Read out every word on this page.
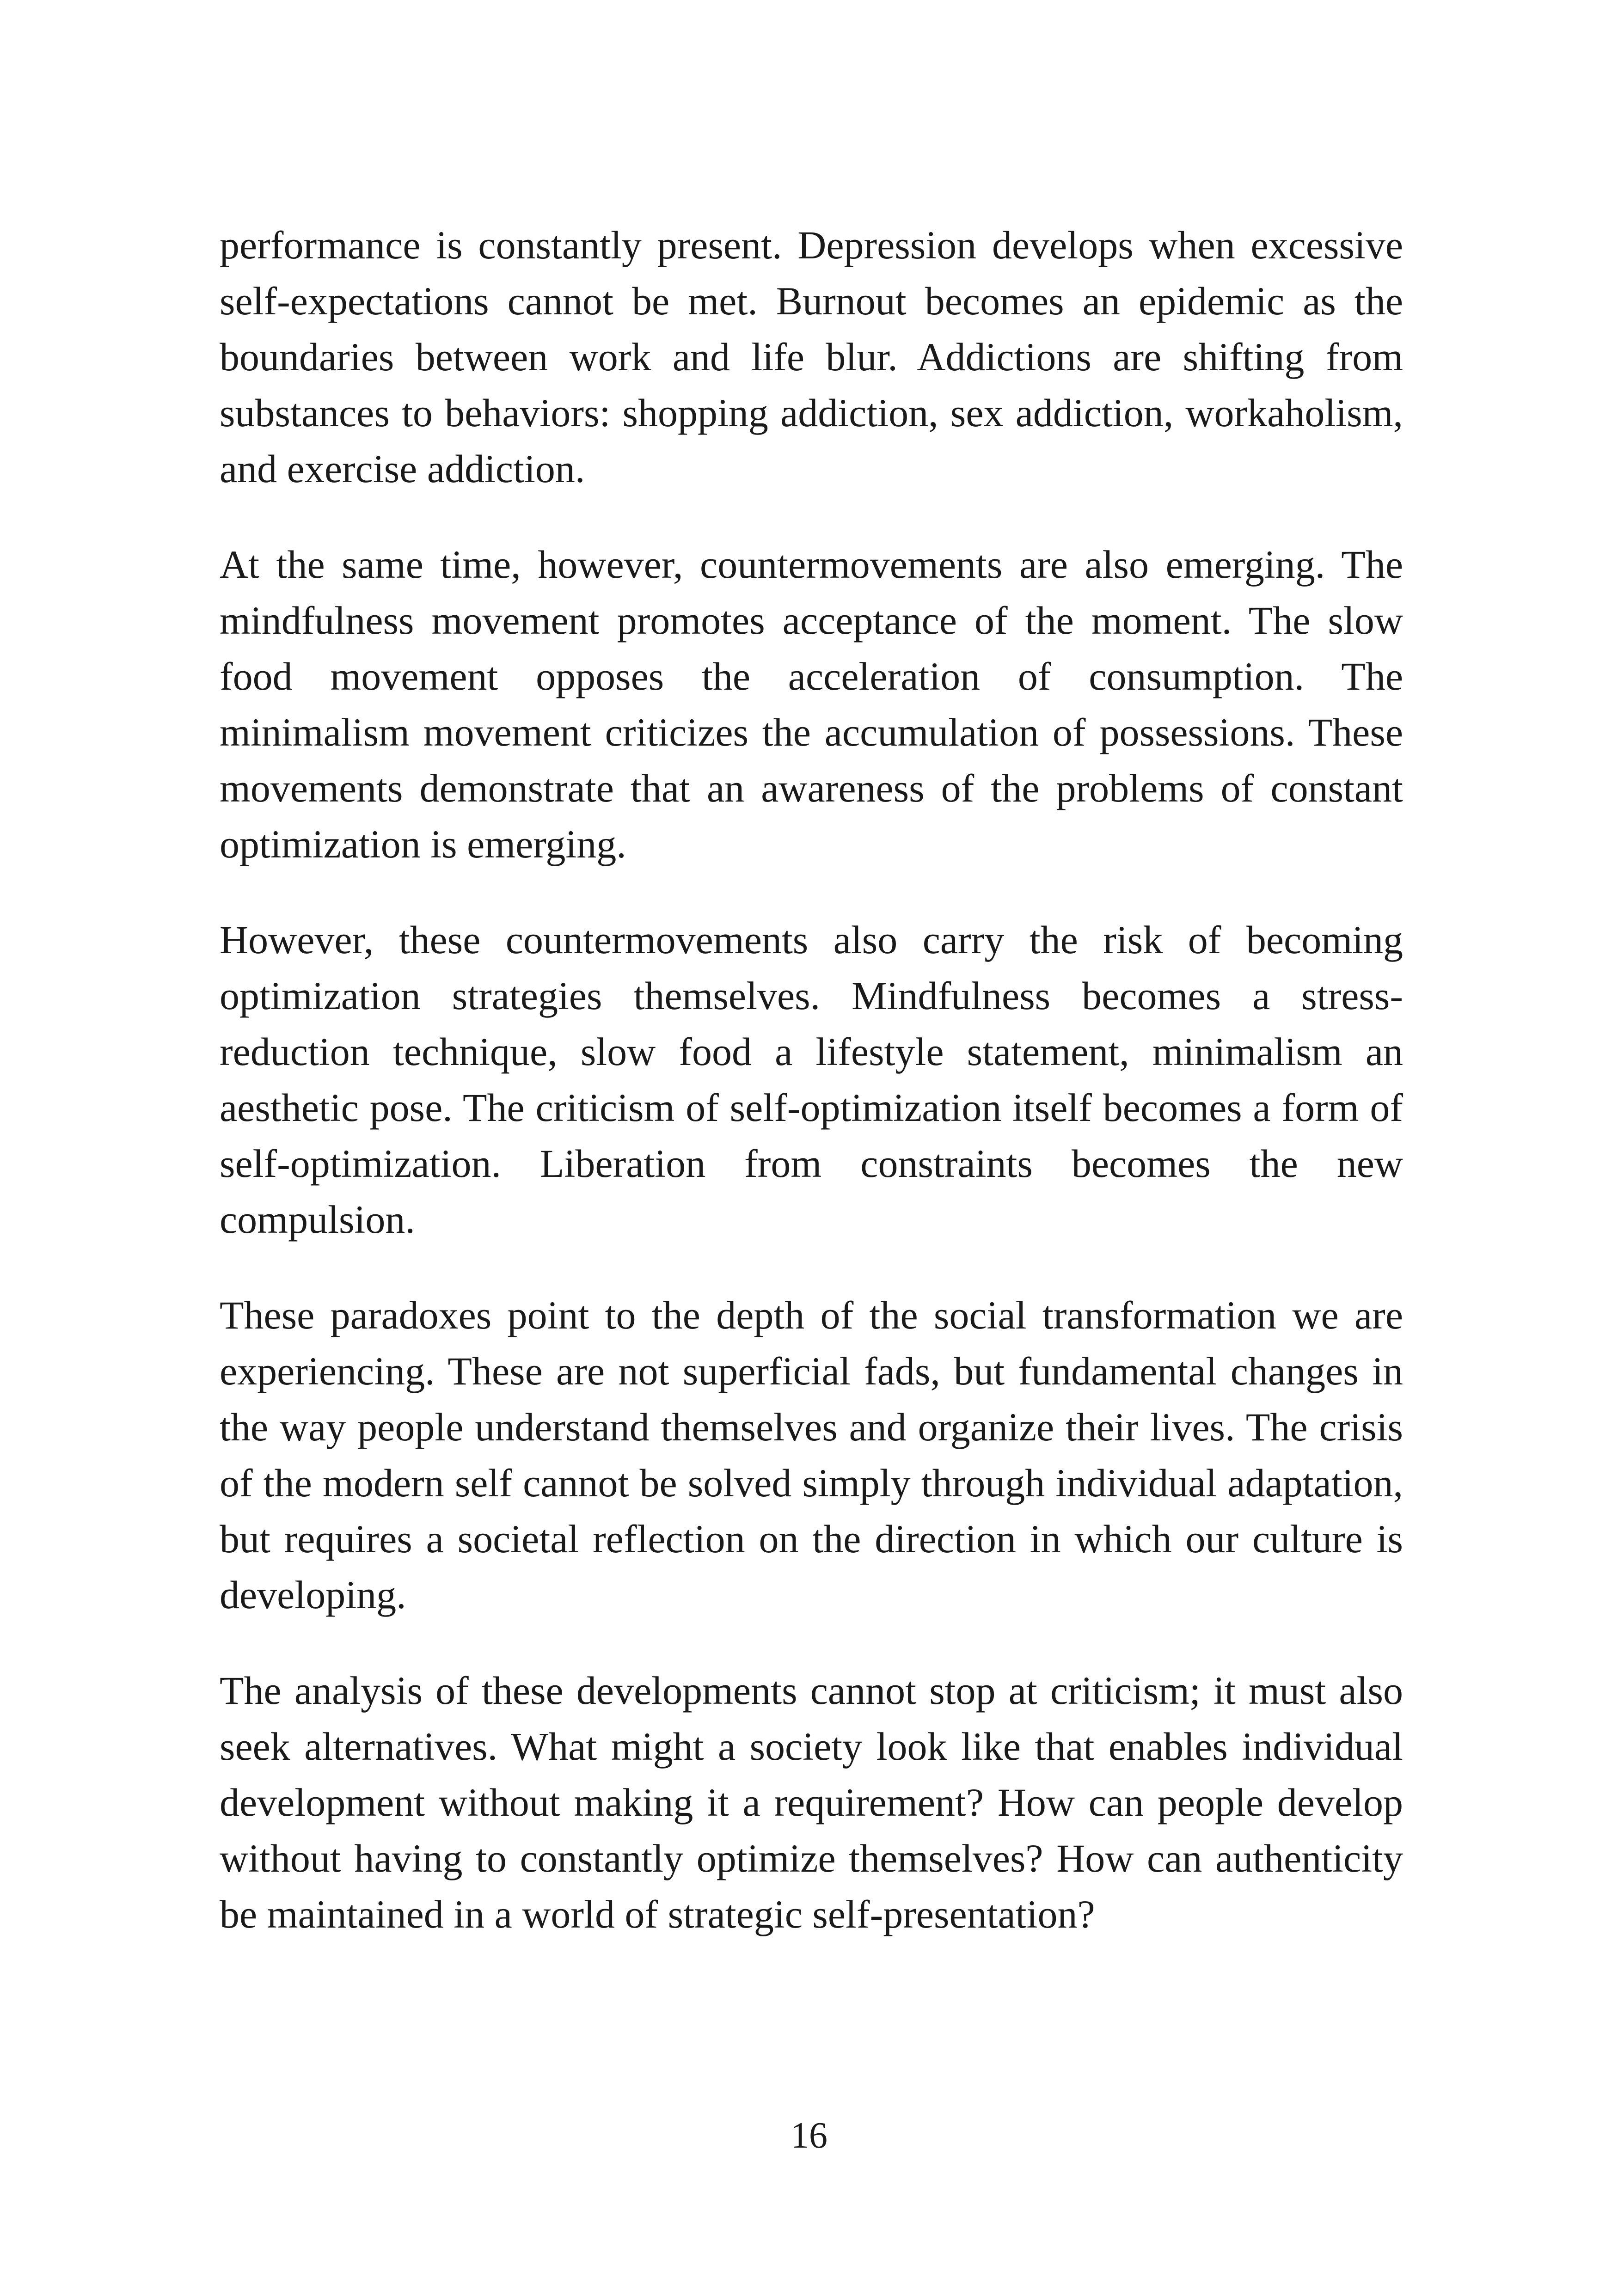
performance is constantly present. Depression develops when excessive self-expectations cannot be met. Burnout becomes an epidemic as the boundaries between work and life blur. Addictions are shifting from substances to behaviors: shopping addiction, sex addiction, workaholism, and exercise addiction.

At the same time, however, countermovements are also emerging. The mindfulness movement promotes acceptance of the moment. The slow food movement opposes the acceleration of consumption. The minimalism movement criticizes the accumulation of possessions. These movements demonstrate that an awareness of the problems of constant optimization is emerging.

However, these countermovements also carry the risk of becoming optimization strategies themselves. Mindfulness becomes a stress-reduction technique, slow food a lifestyle statement, minimalism an aesthetic pose. The criticism of self-optimization itself becomes a form of self-optimization. Liberation from constraints becomes the new compulsion.

These paradoxes point to the depth of the social transformation we are experiencing. These are not superficial fads, but fundamental changes in the way people understand themselves and organize their lives. The crisis of the modern self cannot be solved simply through individual adaptation, but requires a societal reflection on the direction in which our culture is developing.

The analysis of these developments cannot stop at criticism; it must also seek alternatives. What might a society look like that enables individual development without making it a requirement? How can people develop without having to constantly optimize themselves? How can authenticity be maintained in a world of strategic self-presentation?

16
